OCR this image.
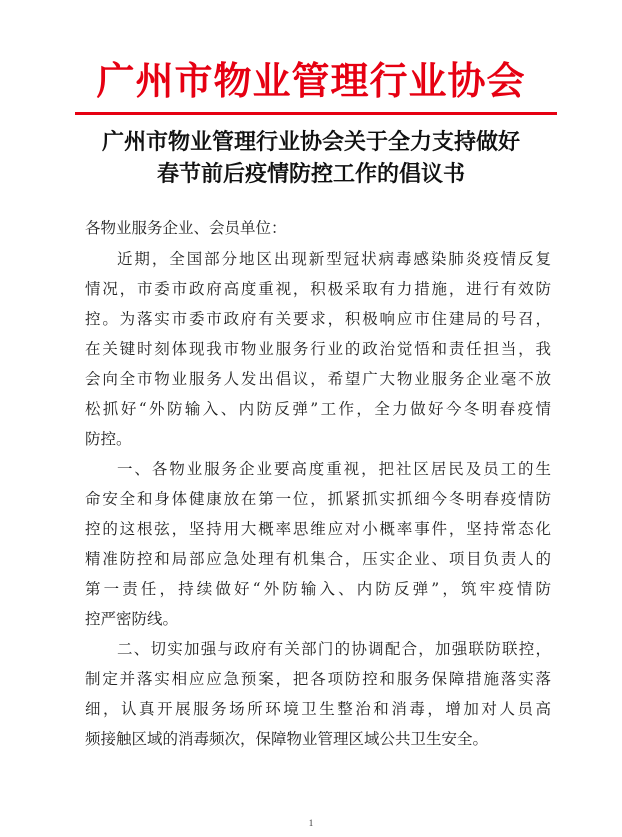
广州市物业管理行业协会
广州市物业管理行业协会关于全力支持做好
春节前后疫情防控工作的倡议书
各物业服务企业、会员单位：
近期，全国部分地区出现新型冠状病毒感染肺炎疫情反复
情况，市委市政府高度重视，积极采取有力措施，进行有效防
控。为落实市委市政府有关要求，积极响应市住建局的号召，
在关键时刻体现我市物业服务行业的政治觉悟和责任担当，我
会向全市物业服务人发出倡议，希望广大物业服务企业毫不放
松抓好“外防输入、内防反弹”工作，全力做好今冬明春疫情
防控。
一、各物业服务企业要高度重视，把社区居民及员工的生
命安全和身体健康放在第一位，抓紧抓实抓细今冬明春疫情防
控的这根弦，坚持用大概率思维应对小概率事件，坚持常态化
精准防控和局部应急处理有机集合，压实企业、项目负责人的
第一责任，持续做好“外防输入、内防反弹”，筑牢疫情防
控严密防线。
二、切实加强与政府有关部门的协调配合，加强联防联控，
制定并落实相应应急预案，把各项防控和服务保障措施落实落
细，认真开展服务场所环境卫生整治和消毒，增加对人员高
频接触区域的消毒频次，保障物业管理区域公共卫生安全。
1
